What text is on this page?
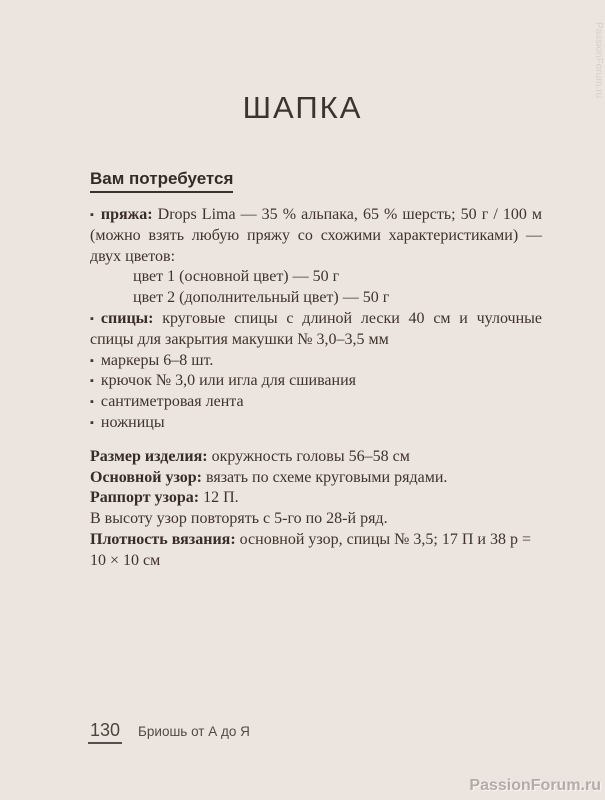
ШАПКА
Вам потребуется
▪ пряжа: Drops Lima — 35 % альпака, 65 % шерсть; 50 г / 100 м (можно взять любую пряжу со схожими характеристиками) — двух цветов:
цвет 1 (основной цвет) — 50 г
цвет 2 (дополнительный цвет) — 50 г
▪ спицы: круговые спицы с длиной лески 40 см и чулочные спицы для закрытия макушки № 3,0–3,5 мм
▪ маркеры 6–8 шт.
▪ крючок № 3,0 или игла для сшивания
▪ сантиметровая лента
▪ ножницы
Размер изделия: окружность головы 56–58 см
Основной узор: вязать по схеме круговыми рядами.
Раппорт узора: 12 П.
В высоту узор повторять с 5-го по 28-й ряд.
Плотность вязания: основной узор, спицы № 3,5; 17 П и 38 р = 10 × 10 см
130 Бриошь от А до Я
PassionForum.ru
PassionForum.ru
